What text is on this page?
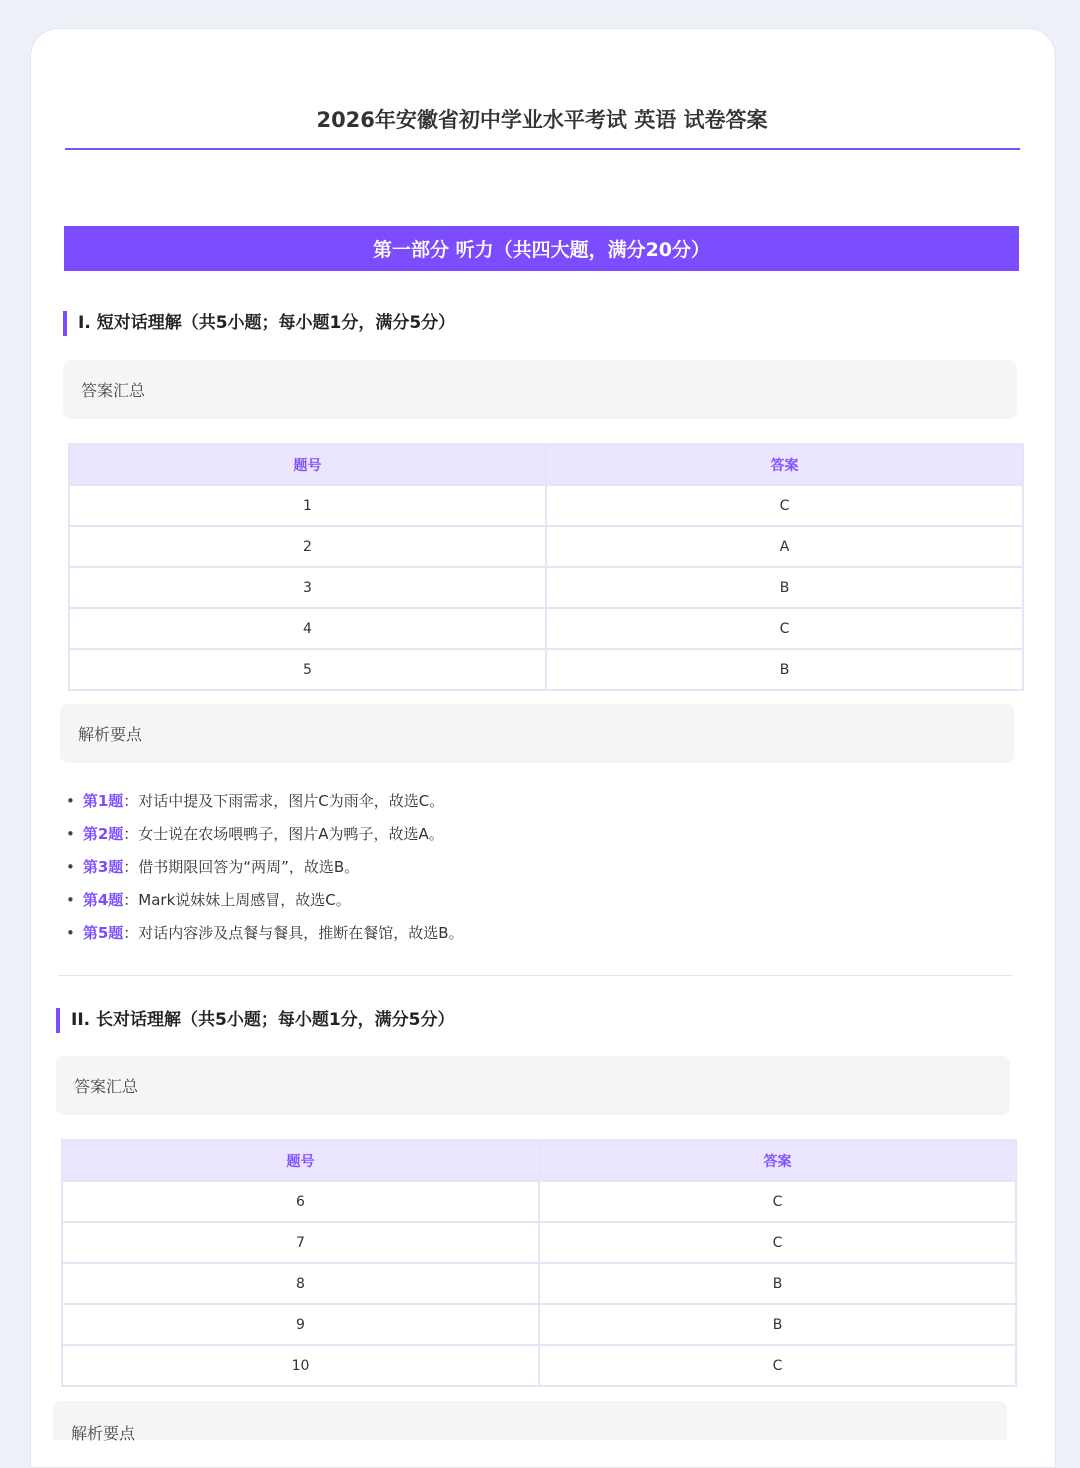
2026年安徽省初中学业水平考试 英语 试卷答案
第一部分 听力（共四大题，满分20分）
I. 短对话理解（共5小题；每小题1分，满分5分）
答案汇总
题号	答案
1	C
2	A
3	B
4	C
5	B
解析要点
• 第1题：对话中提及下雨需求，图片C为雨伞，故选C。
• 第2题：女士说在农场喂鸭子，图片A为鸭子，故选A。
• 第3题：借书期限回答为“两周”，故选B。
• 第4题：Mark说妹妹上周感冒，故选C。
• 第5题：对话内容涉及点餐与餐具，推断在餐馆，故选B。
II. 长对话理解（共5小题；每小题1分，满分5分）
答案汇总
题号	答案
6	C
7	C
8	B
9	B
10	C
解析要点
